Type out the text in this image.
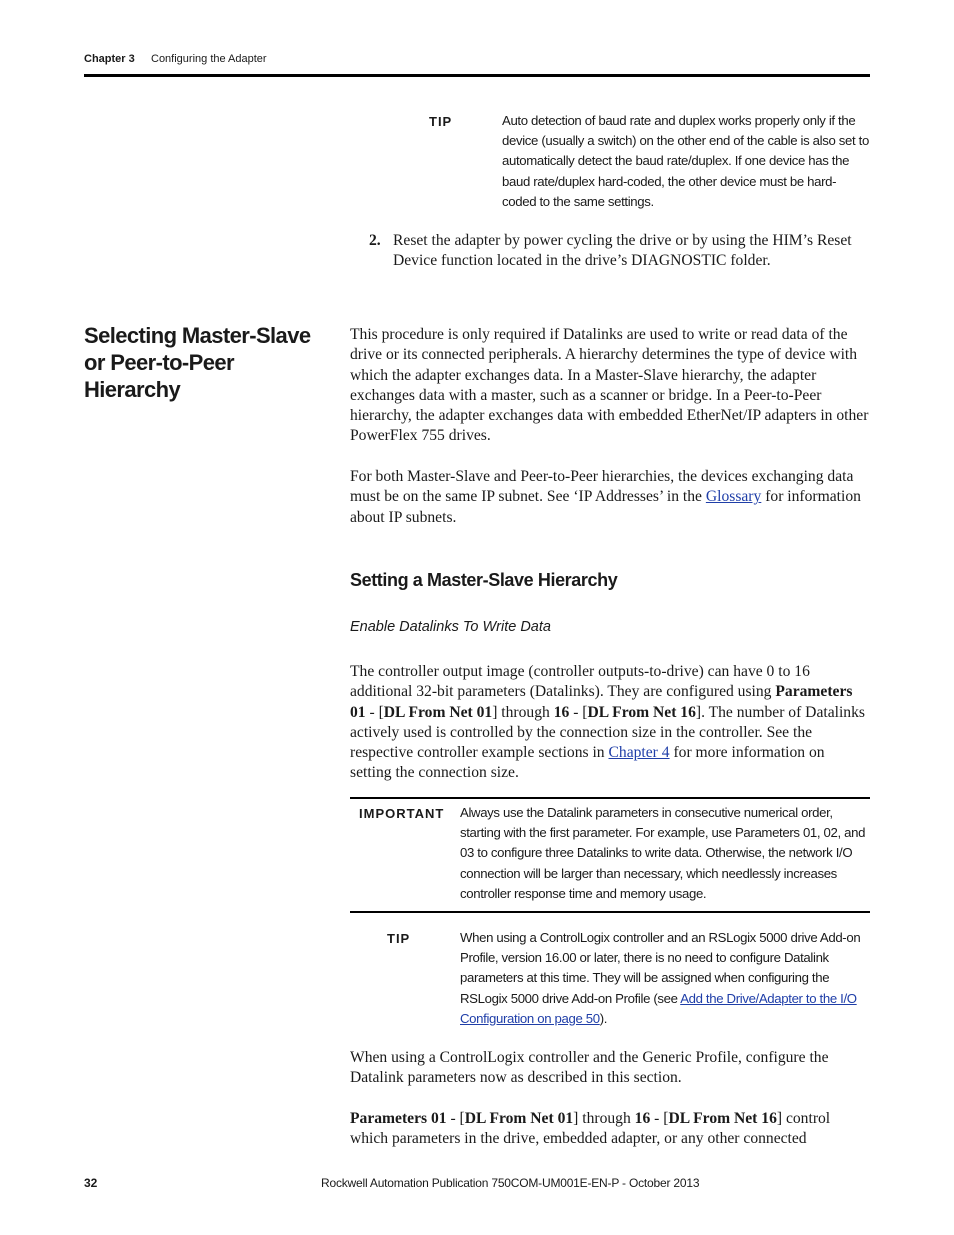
Chapter 3 Configuring the Adapter
TIP	Auto detection of baud rate and duplex works properly only if the device (usually a switch) on the other end of the cable is also set to automatically detect the baud rate/duplex. If one device has the baud rate/duplex hard-coded, the other device must be hard-coded to the same settings.
2. Reset the adapter by power cycling the drive or by using the HIM’s Reset Device function located in the drive’s DIAGNOSTIC folder.
Selecting Master-Slave or Peer-to-Peer Hierarchy
This procedure is only required if Datalinks are used to write or read data of the drive or its connected peripherals. A hierarchy determines the type of device with which the adapter exchanges data. In a Master-Slave hierarchy, the adapter exchanges data with a master, such as a scanner or bridge. In a Peer-to-Peer hierarchy, the adapter exchanges data with embedded EtherNet/IP adapters in other PowerFlex 755 drives.
For both Master-Slave and Peer-to-Peer hierarchies, the devices exchanging data must be on the same IP subnet. See ‘IP Addresses’ in the Glossary for information about IP subnets.
Setting a Master-Slave Hierarchy
Enable Datalinks To Write Data
The controller output image (controller outputs-to-drive) can have 0 to 16 additional 32-bit parameters (Datalinks). They are configured using Parameters 01 - [DL From Net 01] through 16 - [DL From Net 16]. The number of Datalinks actively used is controlled by the connection size in the controller. See the respective controller example sections in Chapter 4 for more information on setting the connection size.
IMPORTANT Always use the Datalink parameters in consecutive numerical order, starting with the first parameter. For example, use Parameters 01, 02, and 03 to configure three Datalinks to write data. Otherwise, the network I/O connection will be larger than necessary, which needlessly increases controller response time and memory usage.
TIP	When using a ControlLogix controller and an RSLogix 5000 drive Add-on Profile, version 16.00 or later, there is no need to configure Datalink parameters at this time. They will be assigned when configuring the RSLogix 5000 drive Add-on Profile (see Add the Drive/Adapter to the I/O Configuration on page 50).
When using a ControlLogix controller and the Generic Profile, configure the Datalink parameters now as described in this section.
Parameters 01 - [DL From Net 01] through 16 - [DL From Net 16] control which parameters in the drive, embedded adapter, or any other connected
32	Rockwell Automation Publication 750COM-UM001E-EN-P - October 2013
